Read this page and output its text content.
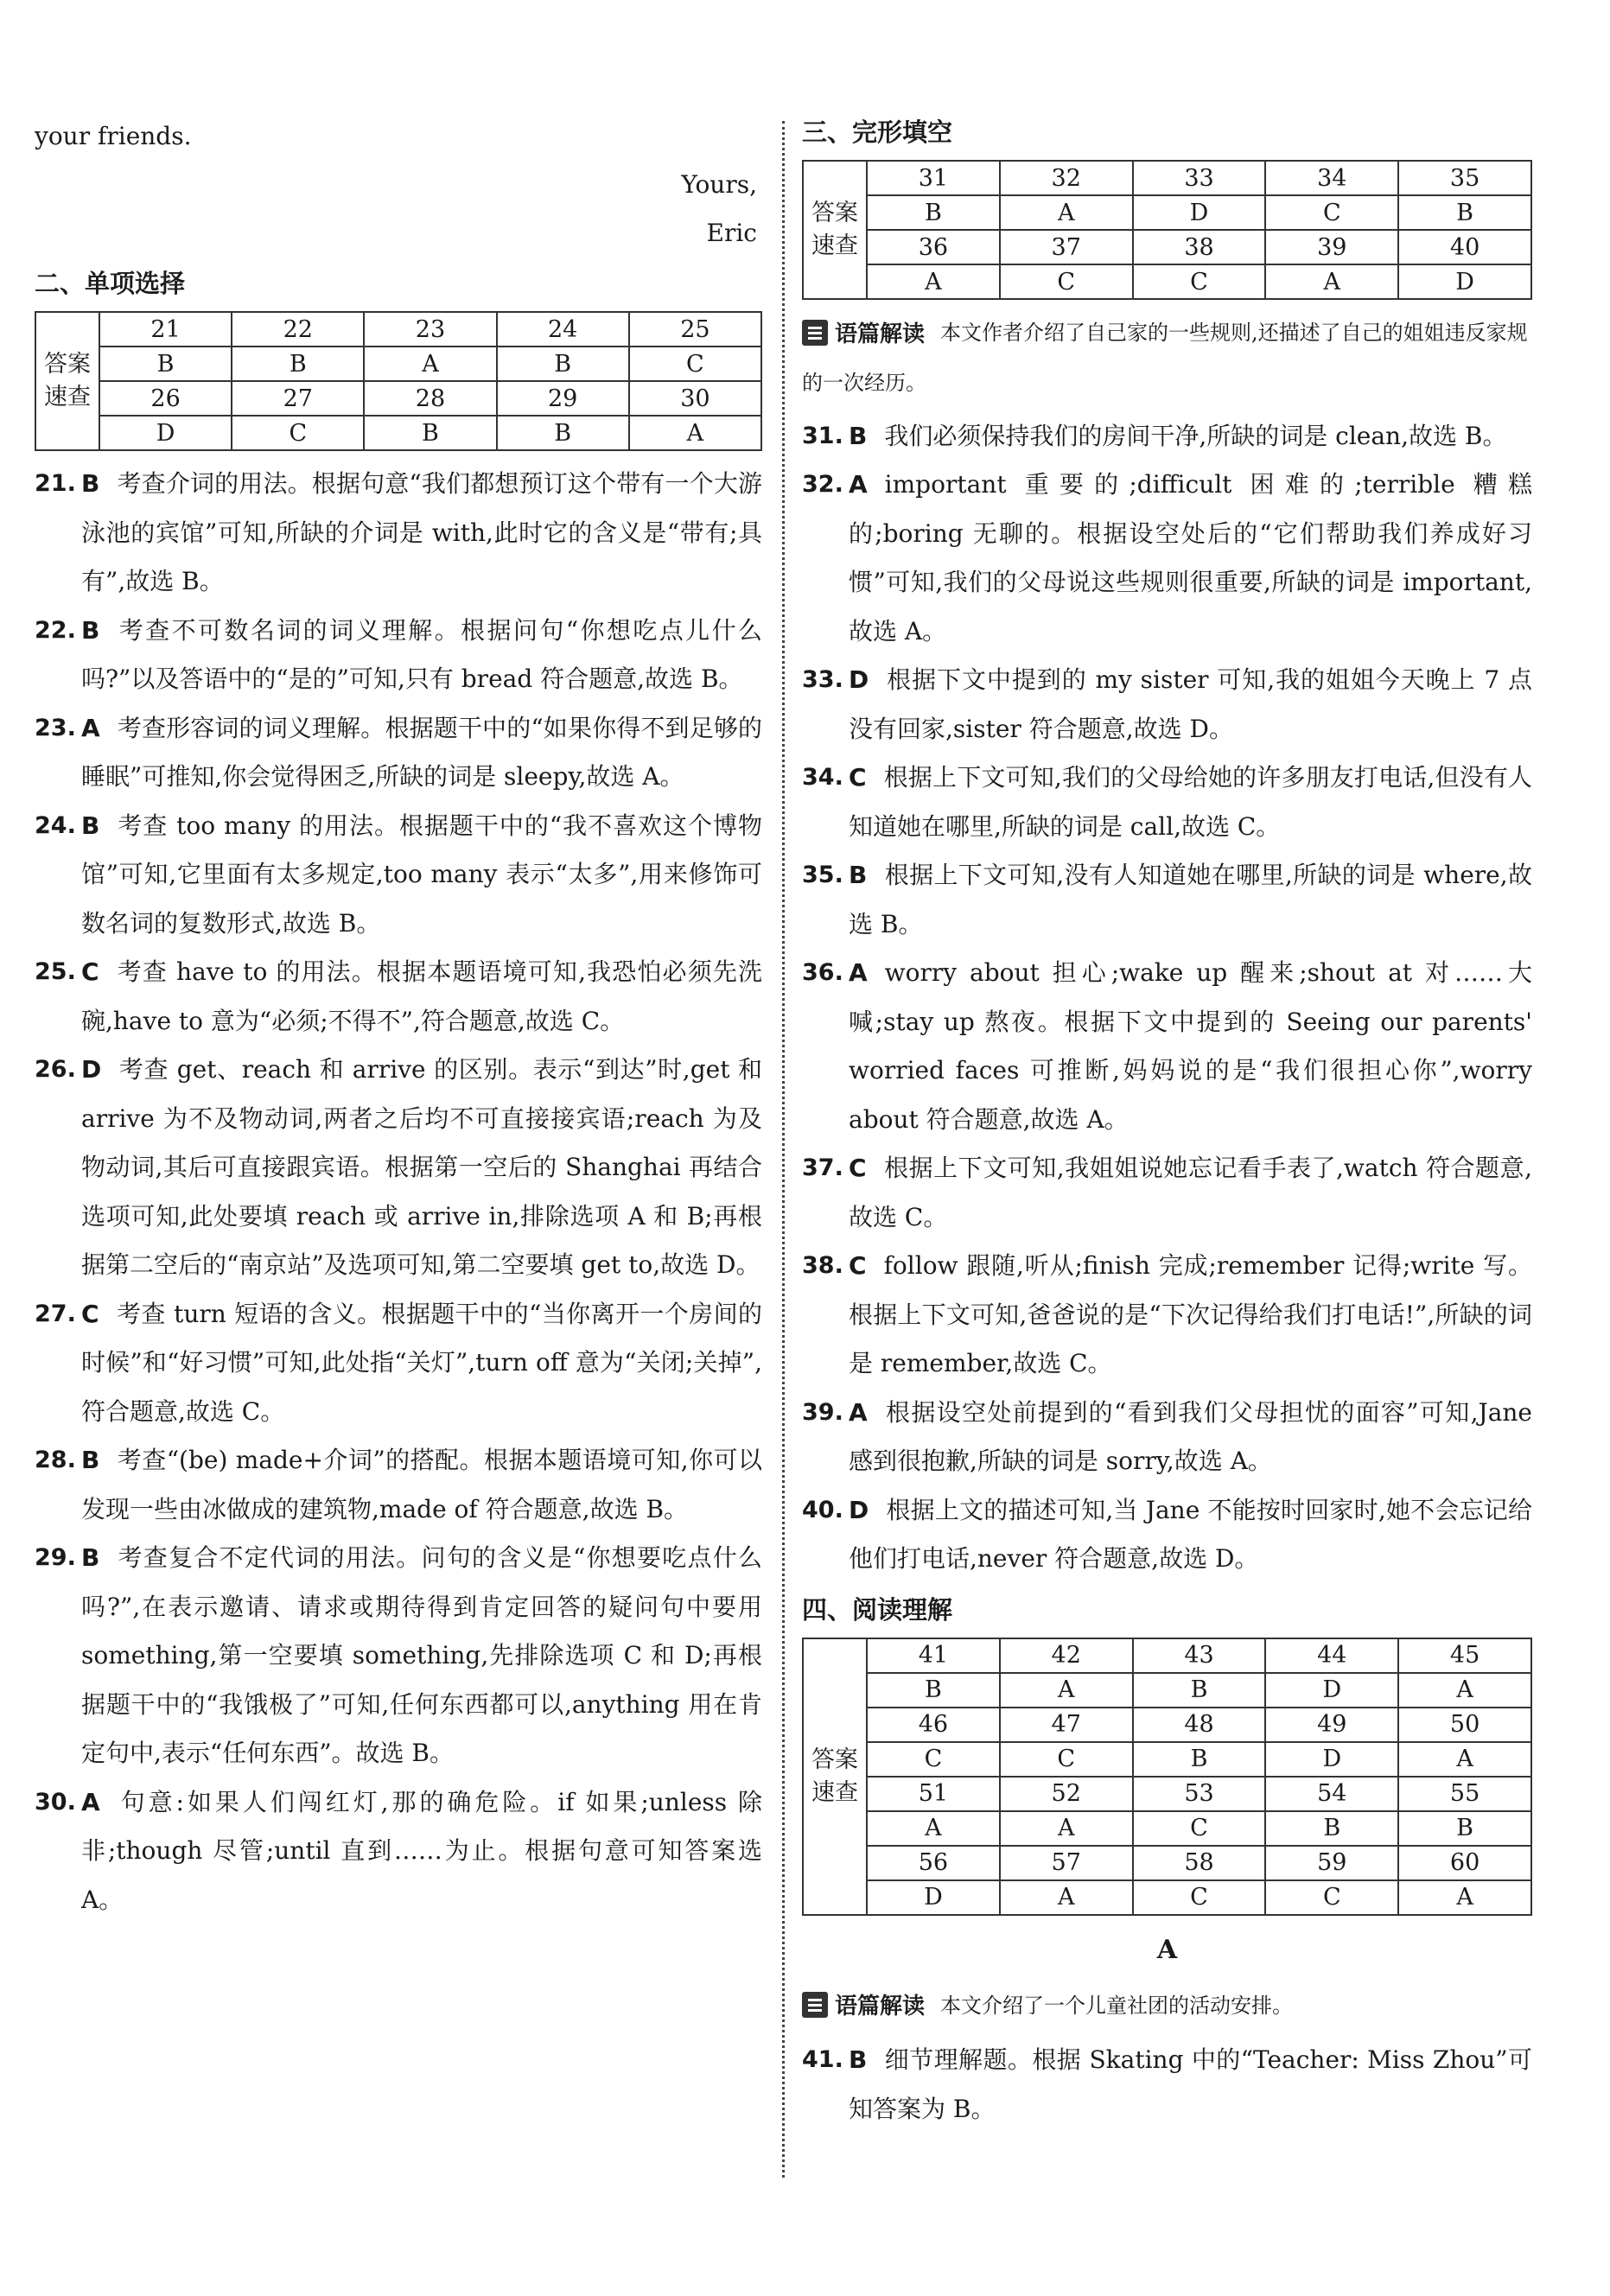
your friends.
Yours,
Eric
二、单项选择
答案速查	21	22	23	24	25
	B	B	A	B	C
	26	27	28	29	30
	D	C	B	B	A
21. B 考查介词的用法。根据句意“我们都想预订这个带有一个大游泳池的宾馆”可知,所缺的介词是 with,此时它的含义是“带有;具有”,故选 B。
22. B 考查不可数名词的词义理解。根据问句“你想吃点儿什么吗?”以及答语中的“是的”可知,只有 bread 符合题意,故选 B。
23. A 考查形容词的词义理解。根据题干中的“如果你得不到足够的睡眠”可推知,你会觉得困乏,所缺的词是 sleepy,故选 A。
24. B 考查 too many 的用法。根据题干中的“我不喜欢这个博物馆”可知,它里面有太多规定,too many 表示“太多”,用来修饰可数名词的复数形式,故选 B。
25. C 考查 have to 的用法。根据本题语境可知,我恐怕必须先洗碗,have to 意为“必须;不得不”,符合题意,故选 C。
26. D 考查 get、reach 和 arrive 的区别。表示“到达”时,get 和 arrive 为不及物动词,两者之后均不可直接接宾语;reach 为及物动词,其后可直接跟宾语。根据第一空后的 Shanghai 再结合选项可知,此处要填 reach 或 arrive in,排除选项 A 和 B;再根据第二空后的“南京站”及选项可知,第二空要填 get to,故选 D。
27. C 考查 turn 短语的含义。根据题干中的“当你离开一个房间的时候”和“好习惯”可知,此处指“关灯”,turn off 意为“关闭;关掉”,符合题意,故选 C。
28. B 考查“(be) made+介词”的搭配。根据本题语境可知,你可以发现一些由冰做成的建筑物,made of 符合题意,故选 B。
29. B 考查复合不定代词的用法。问句的含义是“你想要吃点什么吗?”,在表示邀请、请求或期待得到肯定回答的疑问句中要用 something,第一空要填 something,先排除选项 C 和 D;再根据题干中的“我饿极了”可知,任何东西都可以,anything 用在肯定句中,表示“任何东西”。故选 B。
30. A 句意:如果人们闯红灯,那的确危险。if 如果;unless 除非;though 尽管;until 直到……为止。根据句意可知答案选 A。
三、完形填空
答案速查	31	32	33	34	35
	B	A	D	C	B
	36	37	38	39	40
	A	C	C	A	D
语篇解读 本文作者介绍了自己家的一些规则,还描述了自己的姐姐违反家规的一次经历。
31. B 我们必须保持我们的房间干净,所缺的词是 clean,故选 B。
32. A important 重要的;difficult 困难的;terrible 糟糕的;boring 无聊的。根据设空处后的“它们帮助我们养成好习惯”可知,我们的父母说这些规则很重要,所缺的词是 important,故选 A。
33. D 根据下文中提到的 my sister 可知,我的姐姐今天晚上 7 点没有回家,sister 符合题意,故选 D。
34. C 根据上下文可知,我们的父母给她的许多朋友打电话,但没有人知道她在哪里,所缺的词是 call,故选 C。
35. B 根据上下文可知,没有人知道她在哪里,所缺的词是 where,故选 B。
36. A worry about 担心;wake up 醒来;shout at 对……大喊;stay up 熬夜。根据下文中提到的 Seeing our parents' worried faces 可推断,妈妈说的是“我们很担心你”,worry about 符合题意,故选 A。
37. C 根据上下文可知,我姐姐说她忘记看手表了,watch 符合题意,故选 C。
38. C follow 跟随,听从;finish 完成;remember 记得;write 写。根据上下文可知,爸爸说的是“下次记得给我们打电话!”,所缺的词是 remember,故选 C。
39. A 根据设空处前提到的“看到我们父母担忧的面容”可知,Jane 感到很抱歉,所缺的词是 sorry,故选 A。
40. D 根据上文的描述可知,当 Jane 不能按时回家时,她不会忘记给他们打电话,never 符合题意,故选 D。
四、阅读理解
答案速查	41	42	43	44	45
	B	A	B	D	A
	46	47	48	49	50
	C	C	B	D	A
	51	52	53	54	55
	A	A	C	B	B
	56	57	58	59	60
	D	A	C	C	A
A
语篇解读 本文介绍了一个儿童社团的活动安排。
41. B 细节理解题。根据 Skating 中的“Teacher: Miss Zhou”可知答案为 B。
